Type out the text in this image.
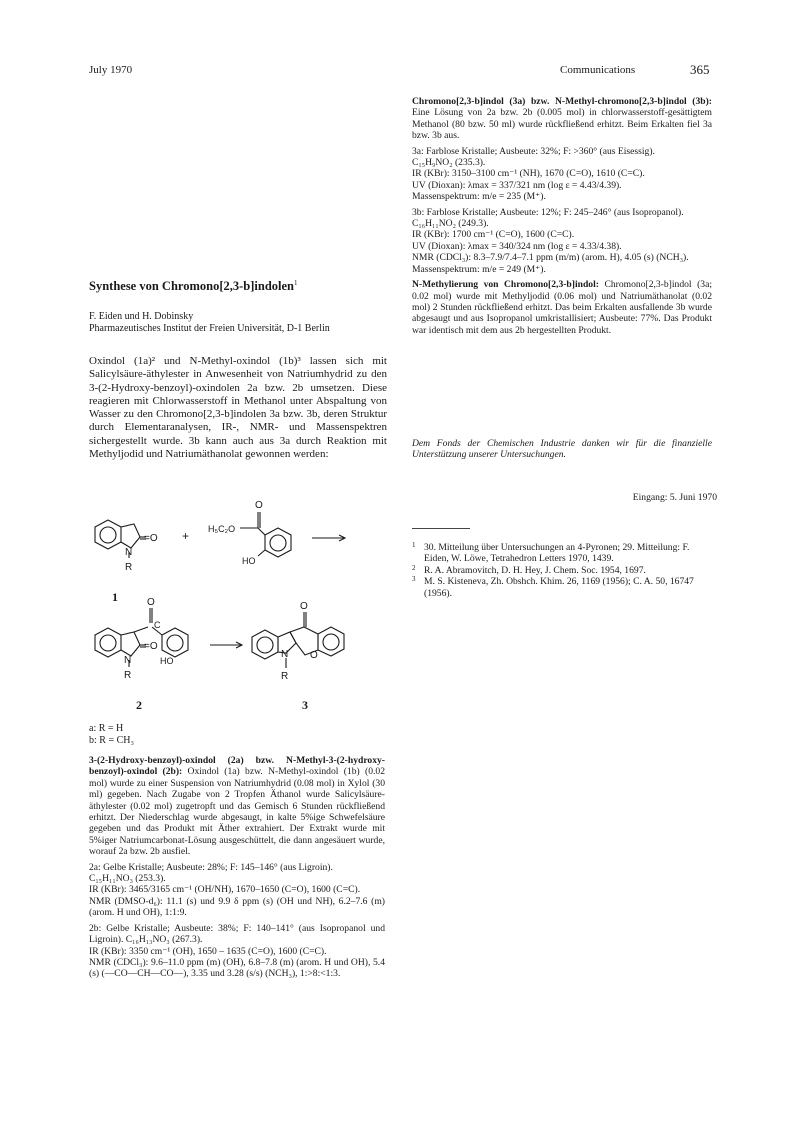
July 1970	Communications	365
Synthese von Chromono[2,3-b]indolen$^1$
F. Eiden und H. Dobinsky
Pharmazeutisches Institut der Freien Universität, D-1 Berlin
Oxindol (1a)² und N-Methyl-oxindol (1b)³ lassen sich mit Salicylsäure-äthylester in Anwesenheit von Natriumhydrid zu den 3-(2-Hydroxy-benzoyl)-oxindolen 2a bzw. 2b umsetzen. Diese reagieren mit Chlorwasserstoff in Methanol unter Abspaltung von Wasser zu den Chromono[2,3-b]indolen 3a bzw. 3b, deren Struktur durch Elementaranalysen, IR-, NMR- und Massenspektren sichergestellt wurde. 3b kann auch aus 3a durch Reaktion mit Methyljodid und Natriumäthanolat gewonnen werden:
N
=O
R
+
O
H₅C₂O
HO
N
=O
R
C
O
HO
N
O
O
R
1
2	3
a: R = H
b: R = CH₃

3-(2-Hydroxy-benzoyl)-oxindol (2a) bzw. N-Methyl-3-(2-hydroxy-benzoyl)-oxindol (2b): Oxindol (1a) bzw. N-Methyl-oxindol (1b) (0.02 mol) wurde zu einer Suspension von Natriumhydrid (0.08 mol) in Xylol (30 ml) gegeben. Nach Zugabe von 2 Tropfen Äthanol wurde Salicylsäure-äthylester (0.02 mol) zugetropft und das Gemisch 6 Stunden rückfließend erhitzt. Der Niederschlag wurde abgesaugt, in kalte 5%ige Schwefelsäure gegeben und das Produkt mit Äther extrahiert. Der Extrakt wurde mit 5%iger Natriumcarbonat-Lösung ausgeschüttelt, die dann angesäuert wurde, worauf 2a bzw. 2b ausfiel.

2a: Gelbe Kristalle; Ausbeute: 28%; F: 145–146° (aus Ligroin).

C₁₅H₁₁NO₃ (253.3).

IR (KBr): 3465/3165 cm⁻¹ (OH/NH), 1670–1650 (C=O), 1600 (C=C).

NMR (DMSO-d₆): 11.1 (s) und 9.9 δ ppm (s) (OH und NH), 6.2–7.6 (m) (arom. H und OH), 1:1:9.

2b: Gelbe Kristalle; Ausbeute: 38%; F: 140–141° (aus Isopropanol und Ligroin). C₁₆H₁₃NO₃ (267.3).

IR (KBr): 3350 cm⁻¹ (OH), 1650 – 1635 (C=O), 1600 (C=C).

NMR (CDCl₃): 9.6–11.0 ppm (m) (OH), 6.8–7.8 (m) (arom. H und OH), 5.4 (s) (—CO—CH—CO—), 3.35 und 3.28 (s/s) (NCH₃), 1:>8:<1:3.

Chromono[2,3-b]indol (3a) bzw. N-Methyl-chromono[2,3-b]indol (3b): Eine Lösung von 2a bzw. 2b (0.005 mol) in chlorwasserstoff-gesättigtem Methanol (80 bzw. 50 ml) wurde rückfließend erhitzt. Beim Erkalten fiel 3a bzw. 3b aus.

3a: Farblose Kristalle; Ausbeute: 32%; F: >360° (aus Eisessig).

C₁₅H₉NO₂ (235.3).

IR (KBr): 3150–3100 cm⁻¹ (NH), 1670 (C=O), 1610 (C=C).

UV (Dioxan): λmax = 337/321 nm (log ε = 4.43/4.39).

Massenspektrum: m/e = 235 (M⁺).

3b: Farblose Kristalle; Ausbeute: 12%; F: 245–246° (aus Isopropanol).

C₁₆H₁₁NO₂ (249.3).

IR (KBr): 1700 cm⁻¹ (C=O), 1600 (C=C).

UV (Dioxan): λmax = 340/324 nm (log ε = 4.33/4.38).

NMR (CDCl₃): 8.3–7.9/7.4–7.1 ppm (m/m) (arom. H), 4.05 (s) (NCH₃).

Massenspektrum: m/e = 249 (M⁺).

N-Methylierung von Chromono[2,3-b]indol: Chromono[2,3-b]indol (3a; 0.02 mol) wurde mit Methyljodid (0.06 mol) und Natriumäthanolat (0.02 mol) 2 Stunden rückfließend erhitzt. Das beim Erkalten ausfallende 3b wurde abgesaugt und aus Isopropanol umkristallisiert; Ausbeute: 77%. Das Produkt war identisch mit dem aus 2b hergestellten Produkt.

Dem Fonds der Chemischen Industrie danken wir für die finanzielle Unterstützung unserer Untersuchungen.
Eingang: 5. Juni 1970
1 30. Mitteilung über Untersuchungen an 4-Pyronen; 29. Mitteilung: F. Eiden, W. Löwe, Tetrahedron Letters 1970, 1439.
2 R. A. Abramovitch, D. H. Hey, J. Chem. Soc. 1954, 1697.
3 M. S. Kisteneva, Zh. Obshch. Khim. 26, 1169 (1956); C. A. 50, 16747 (1956).
